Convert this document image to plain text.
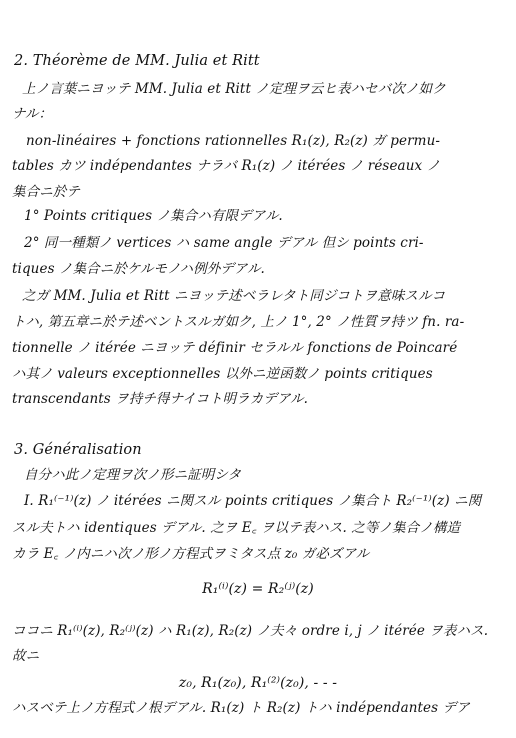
2. Théorème de MM. Julia et Ritt
上ノ言葉ニヨッテ MM. Julia et Ritt ノ定理ヲ云ヒ表ハセバ次ノ如ク
ナル：
non-linéaires + fonctions rationnelles R₁(z), R₂(z) ガ permu-
tables カツ indépendantes ナラバ R₁(z) ノ itérées ノ réseaux ノ
集合ニ於テ
1° Points critiques ノ集合ハ有限デアル.
2° 同一種類ノ vertices ハ same angle デアル 但シ points cri-
tiques ノ集合ニ於ケルモノハ例外デアル.
之ガ MM. Julia et Ritt ニヨッテ述ベラレタト同ジコトヲ意味スルコ
トハ, 第五章ニ於テ述ベントスルガ如ク, 上ノ 1°, 2° ノ性質ヲ持ツ fn. ra-
tionnelle ノ itérée ニヨッテ définir セラルル fonctions de Poincaré
ハ其ノ valeurs exceptionnelles 以外ニ逆函数ノ points critiques
transcendants ヲ持チ得ナイコト明ラカデアル.
3. Généralisation
自分ハ此ノ定理ヲ次ノ形ニ証明シタ
I. R₁⁽⁻¹⁾(z) ノ itérées ニ関スル points critiques ノ集合ト R₂⁽⁻¹⁾(z) ニ関
スル夫トハ identiques デアル. 之ヲ E꜀ ヲ以テ表ハス. 之等ノ集合ノ構造
カラ E꜀ ノ内ニハ次ノ形ノ方程式ヲミタス点 z₀ ガ必ズアル
R₁⁽ⁱ⁾(z) = R₂⁽ʲ⁾(z)
ココニ R₁⁽ⁱ⁾(z), R₂⁽ʲ⁾(z) ハ R₁(z), R₂(z) ノ夫々 ordre i, j ノ itérée ヲ表ハス.
故ニ
z₀, R₁(z₀), R₁⁽²⁾(z₀), - - -
ハスベテ上ノ方程式ノ根デアル. R₁(z) ト R₂(z) トハ indépendantes デア
